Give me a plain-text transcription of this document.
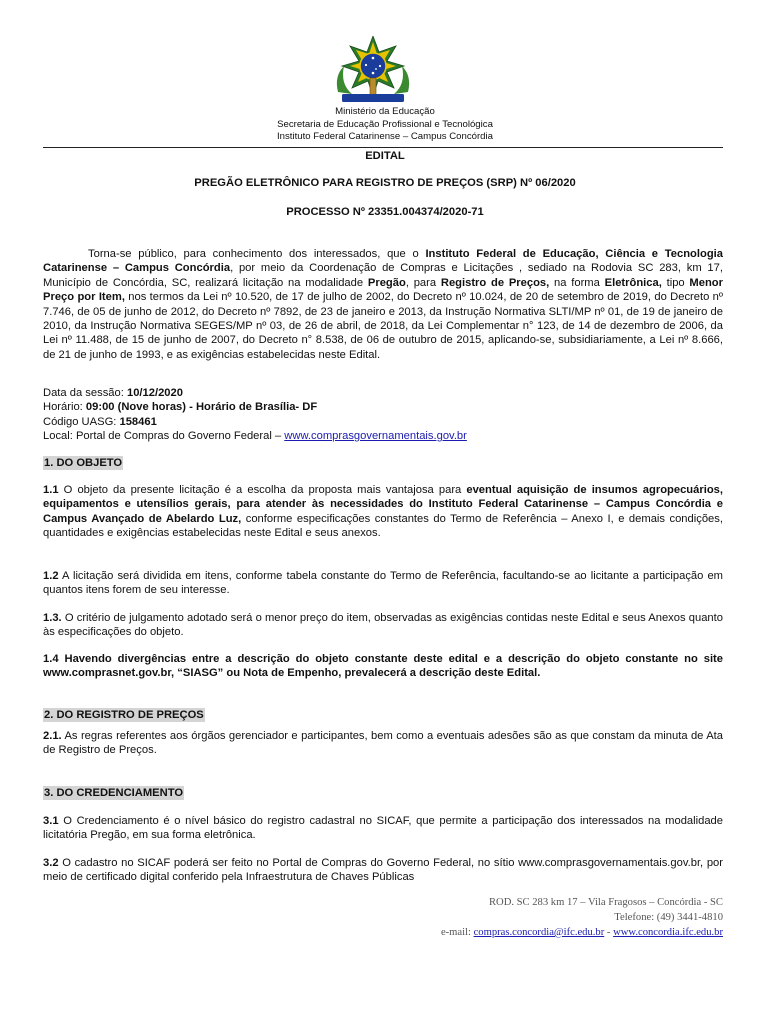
Ministério da Educação
Secretaria de Educação Profissional e Tecnológica
Instituto Federal Catarinense – Campus Concórdia
EDITAL
PREGÃO ELETRÔNICO PARA REGISTRO DE PREÇOS (SRP) Nº 06/2020
PROCESSO Nº 23351.004374/2020-71

Torna-se público, para conhecimento dos interessados, que o Instituto Federal de Educação, Ciência e Tecnologia Catarinense – Campus Concórdia, por meio da Coordenação de Compras e Licitações , sediado na Rodovia SC 283, km 17, Município de Concórdia, SC, realizará licitação na modalidade Pregão, para Registro de Preços, na forma Eletrônica, tipo Menor Preço por Item, nos termos da Lei nº 10.520, de 17 de julho de 2002, do Decreto nº 10.024, de 20 de setembro de 2019, do Decreto nº 7.746, de 05 de junho de 2012, do Decreto nº 7892, de 23 de janeiro e 2013, da Instrução Normativa SLTI/MP nº 01, de 19 de janeiro de 2010, da Instrução Normativa SEGES/MP nº 03, de 26 de abril, de 2018, da Lei Complementar n° 123, de 14 de dezembro de 2006, da Lei nº 11.488, de 15 de junho de 2007, do Decreto n° 8.538, de 06 de outubro de 2015, aplicando-se, subsidiariamente, a Lei nº 8.666, de 21 de junho de 1993, e as exigências estabelecidas neste Edital.

Data da sessão: 10/12/2020
Horário: 09:00 (Nove horas) - Horário de Brasília- DF
Código UASG: 158461
Local: Portal de Compras do Governo Federal – www.comprasgovernamentais.gov.br
1. DO OBJETO

1.1 O objeto da presente licitação é a escolha da proposta mais vantajosa para eventual aquisição de insumos agropecuários, equipamentos e utensílios gerais, para atender às necessidades do Instituto Federal Catarinense – Campus Concórdia e Campus Avançado de Abelardo Luz, conforme especificações constantes do Termo de Referência – Anexo I, e demais condições, quantidades e exigências estabelecidas neste Edital e seus anexos.

1.2 A licitação será dividida em itens, conforme tabela constante do Termo de Referência, facultando-se ao licitante a participação em quantos itens forem de seu interesse.

1.3. O critério de julgamento adotado será o menor preço do item, observadas as exigências contidas neste Edital e seus Anexos quanto às especificações do objeto.

1.4 Havendo divergências entre a descrição do objeto constante deste edital e a descrição do objeto constante no site www.comprasnet.gov.br, “SIASG” ou Nota de Empenho, prevalecerá a descrição deste Edital.

2. DO REGISTRO DE PREÇOS

2.1. As regras referentes aos órgãos gerenciador e participantes, bem como a eventuais adesões são as que constam da minuta de Ata de Registro de Preços.

3. DO CREDENCIAMENTO

3.1 O Credenciamento é o nível básico do registro cadastral no SICAF, que permite a participação dos interessados na modalidade licitatória Pregão, em sua forma eletrônica.

3.2 O cadastro no SICAF poderá ser feito no Portal de Compras do Governo Federal, no sítio www.comprasgovernamentais.gov.br, por meio de certificado digital conferido pela Infraestrutura de Chaves Públicas

ROD. SC 283 km 17 – Vila Fragosos – Concórdia - SC
Telefone: (49) 3441-4810
e-mail: compras.concordia@ifc.edu.br - www.concordia.ifc.edu.br
